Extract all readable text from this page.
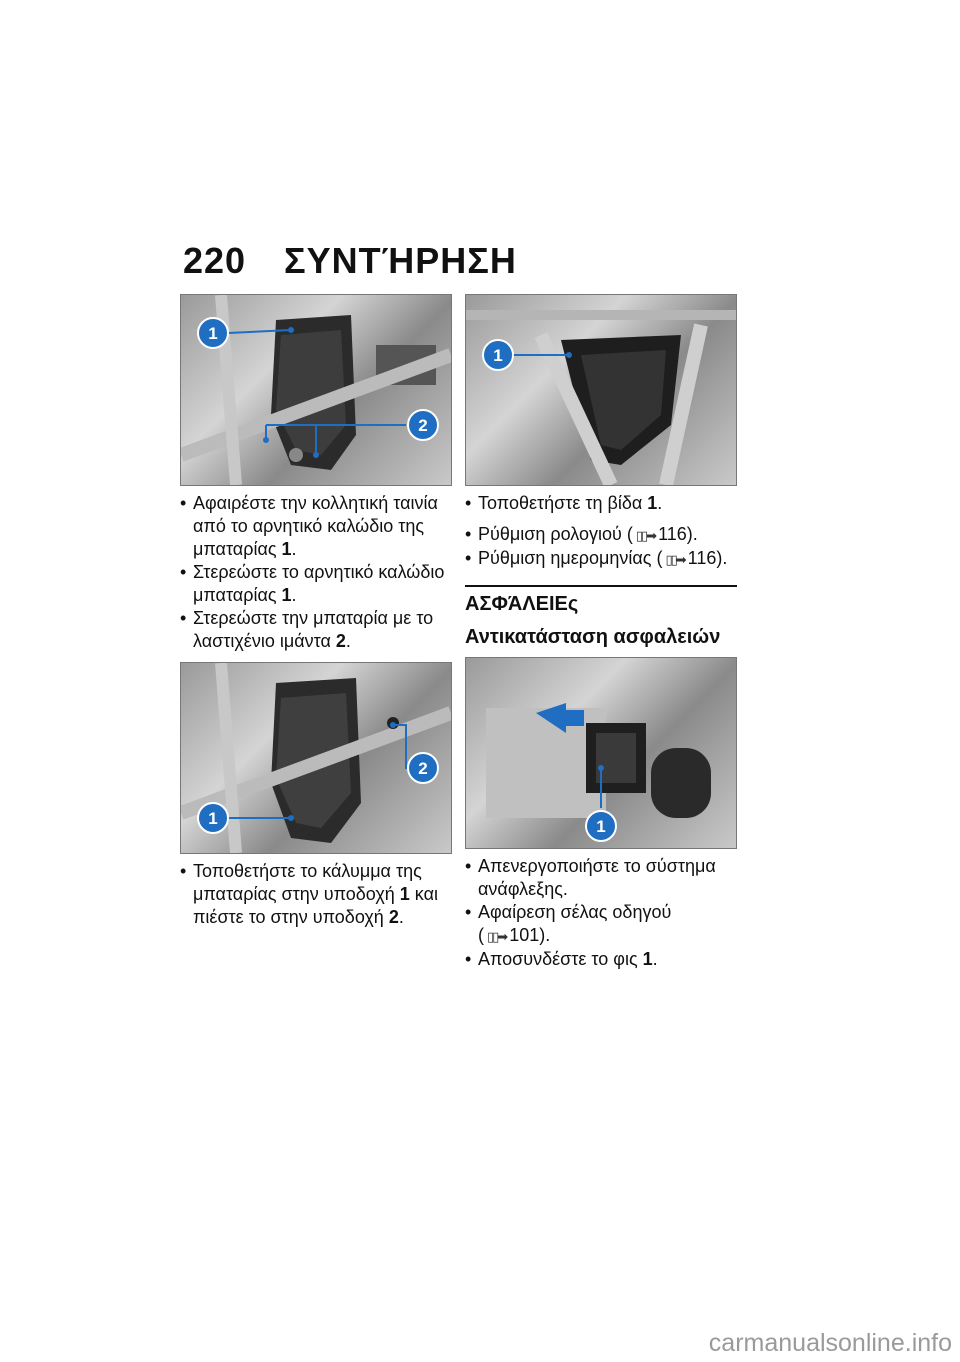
220 ΣΥΝΤΉΡΗΣΗ
1
2
• Αφαιρέστε την κολλητική ταινία από το αρνητικό καλώδιο της μπαταρίας 1.
• Στερεώστε το αρνητικό καλώδιο μπαταρίας 1.
• Στερεώστε την μπαταρία με το λαστιχένιο ιμάντα 2.
1
2
• Τοποθετήστε το κάλυμμα της μπαταρίας στην υποδοχή 1 και πιέστε το στην υποδοχή 2.
1
• Τοποθετήστε τη βίδα 1.
• Ρύθμιση ρολογιού ( ▯▯➡ 116).
• Ρύθμιση ημερομηνίας ( ▯▯➡ 116).
ΑΣΦΆΛΕΙΕς
Αντικατάσταση ασφαλειών
1
• Απενεργοποιήστε το σύστημα ανάφλεξης.
• Αφαίρεση σέλας οδηγού ( ▯▯➡ 101).
• Αποσυνδέστε το φις 1.
carmanualsonline.info
